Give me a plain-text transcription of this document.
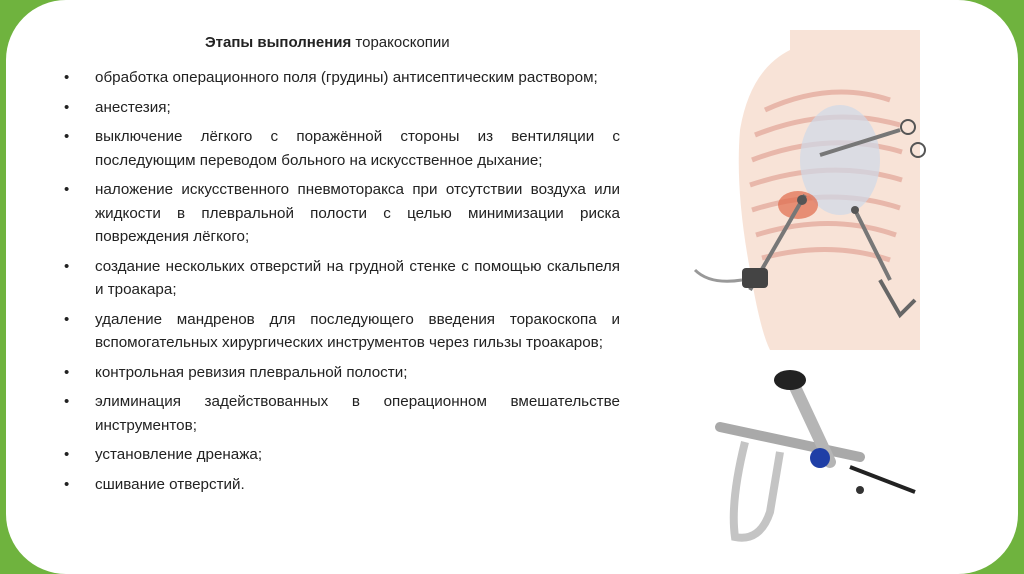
Этапы выполнения торакоскопии
• обработка операционного поля (грудины) антисептическим раствором;
• анестезия;
• выключение лёгкого с поражённой стороны из вентиляции с последующим переводом больного на искусственное дыхание;
• наложение искусственного пневмоторакса при отсутствии воздуха или жидкости в плевральной полости с целью минимизации риска повреждения лёгкого;
• создание нескольких отверстий на грудной стенке с помощью скальпеля и троакара;
• удаление мандренов для последующего введения торакоскопа и вспомогательных хирургических инструментов через гильзы троакаров;
• контрольная ревизия плевральной полости;
• элиминация задействованных в операционном вмешательстве инструментов;
• установление дренажа;
• сшивание отверстий.
